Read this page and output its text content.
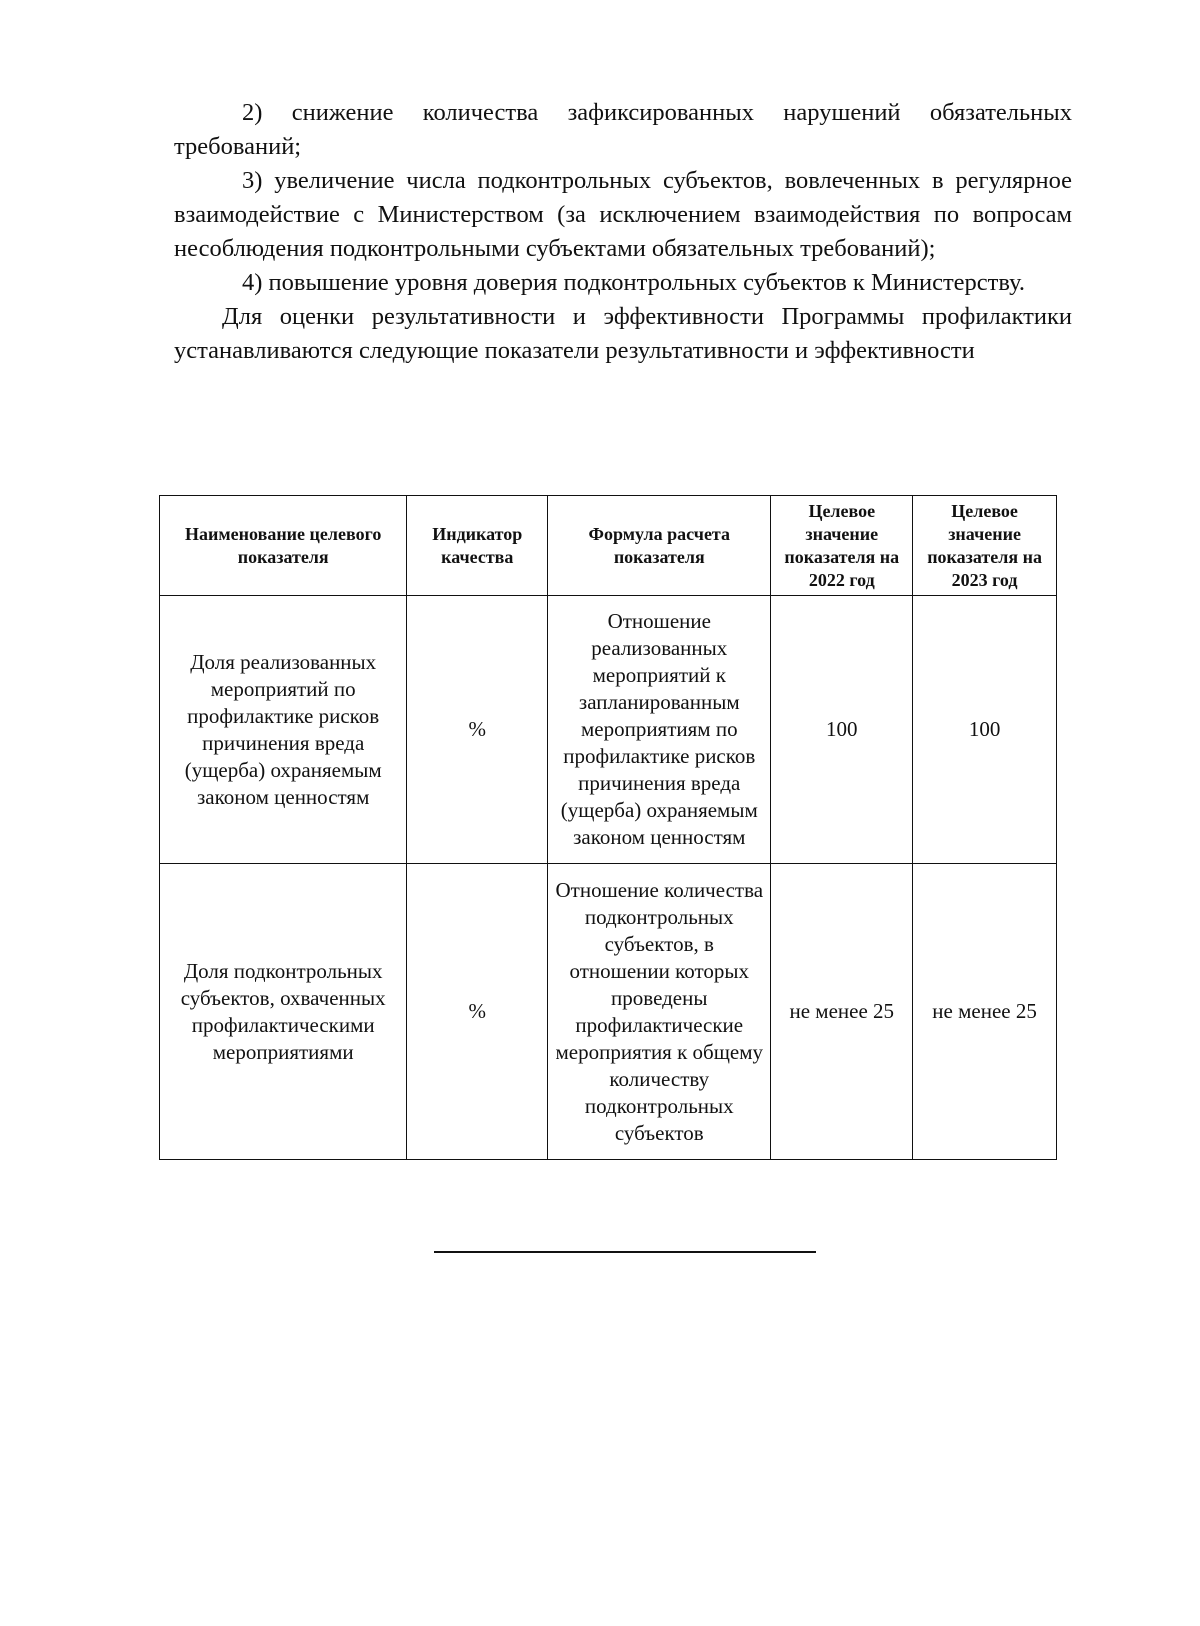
2) снижение количества зафиксированных нарушений обязательных требований;

3) увеличение числа подконтрольных субъектов, вовлеченных в регулярное взаимодействие с Министерством (за исключением взаимодействия по вопросам несоблюдения подконтрольными субъектами обязательных требований);

4) повышение уровня доверия подконтрольных субъектов к Министерству.

Для оценки результативности и эффективности Программы профилактики устанавливаются следующие показатели результативности и эффективности

Наименование целевого показателя	Индикатор качества	Формула расчета показателя	Целевое значение показателя на 2022 год	Целевое значение показателя на 2023 год
Доля реализованных мероприятий по профилактике рисков причинения вреда (ущерба) охраняемым законом ценностям	%	Отношение реализованных мероприятий к запланированным мероприятиям по профилактике рисков причинения вреда (ущерба) охраняемым законом ценностям	100	100
Доля подконтрольных субъектов, охваченных профилактическими мероприятиями	%	Отношение количества подконтрольных субъектов, в отношении которых проведены профилактические мероприятия к общему количеству подконтрольных субъектов	не менее 25	не менее 25
